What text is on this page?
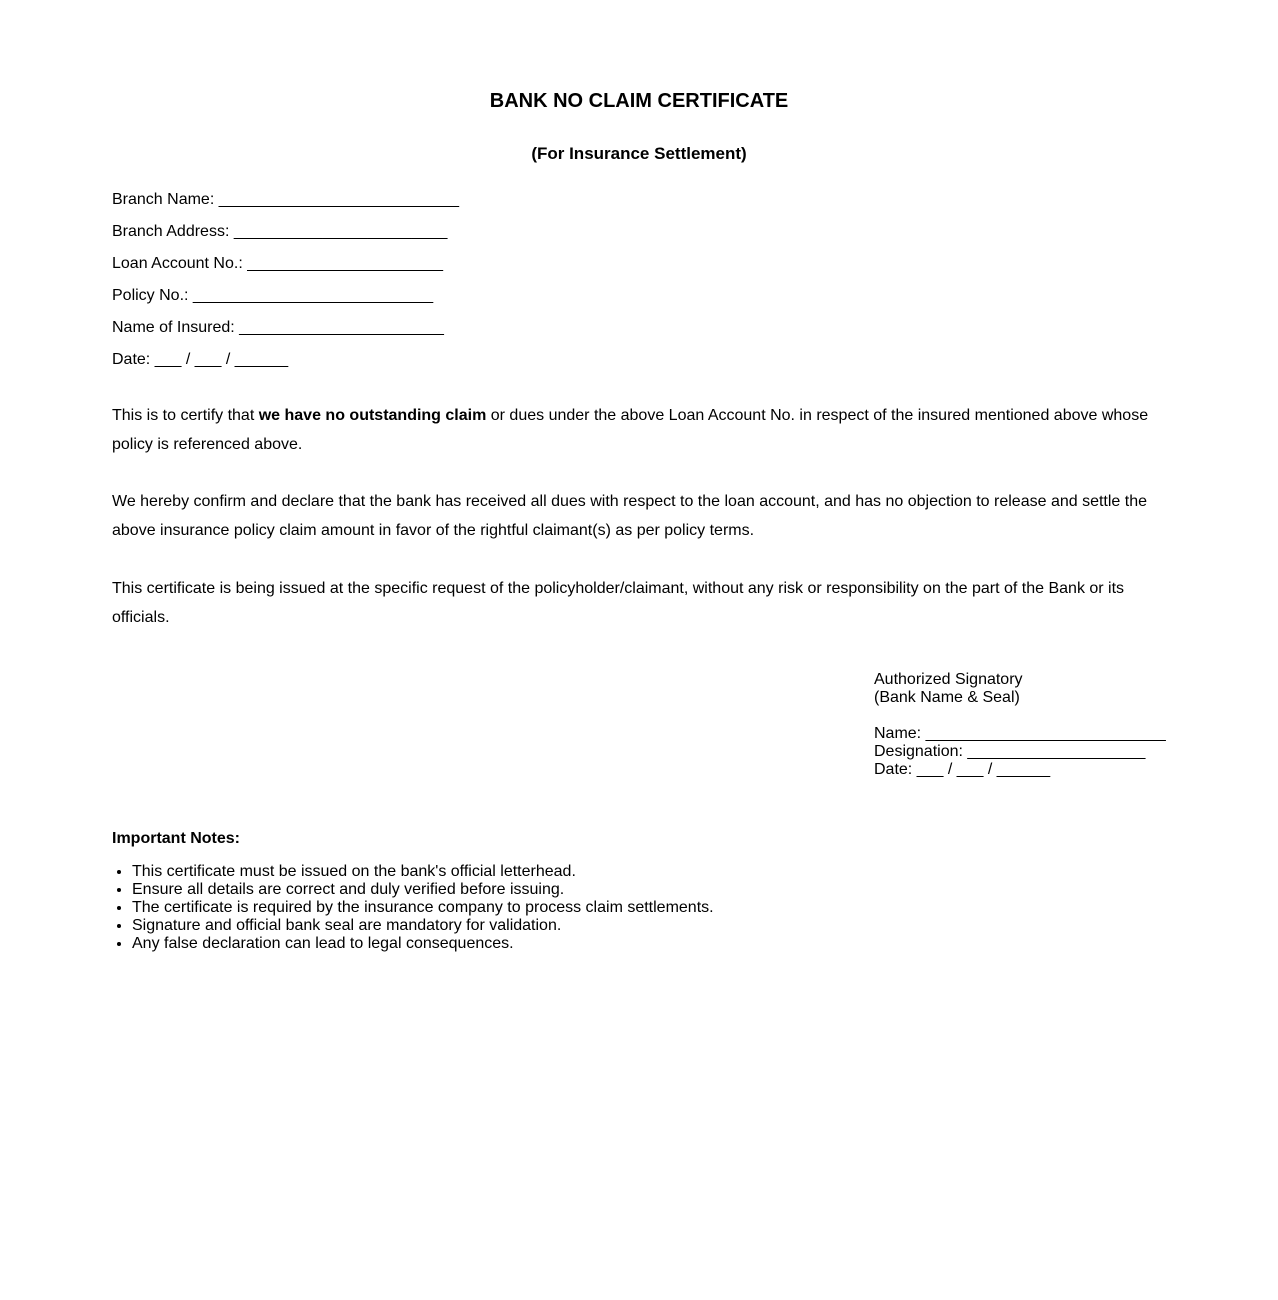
BANK NO CLAIM CERTIFICATE
(For Insurance Settlement)
Branch Name: ___________________________
Branch Address: ________________________
Loan Account No.: ______________________
Policy No.: ___________________________
Name of Insured: _______________________
Date: ___ / ___ / ______
This is to certify that we have no outstanding claim or dues under the above Loan Account No. in respect of the insured mentioned above whose policy is referenced above.
We hereby confirm and declare that the bank has received all dues with respect to the loan account, and has no objection to release and settle the above insurance policy claim amount in favor of the rightful claimant(s) as per policy terms.
This certificate is being issued at the specific request of the policyholder/claimant, without any risk or responsibility on the part of the Bank or its officials.
Authorized Signatory
(Bank Name & Seal)
Name: ___________________________
Designation: ____________________
Date: ___ / ___ / ______
Important Notes:
• This certificate must be issued on the bank's official letterhead.
• Ensure all details are correct and duly verified before issuing.
• The certificate is required by the insurance company to process claim settlements.
• Signature and official bank seal are mandatory for validation.
• Any false declaration can lead to legal consequences.
